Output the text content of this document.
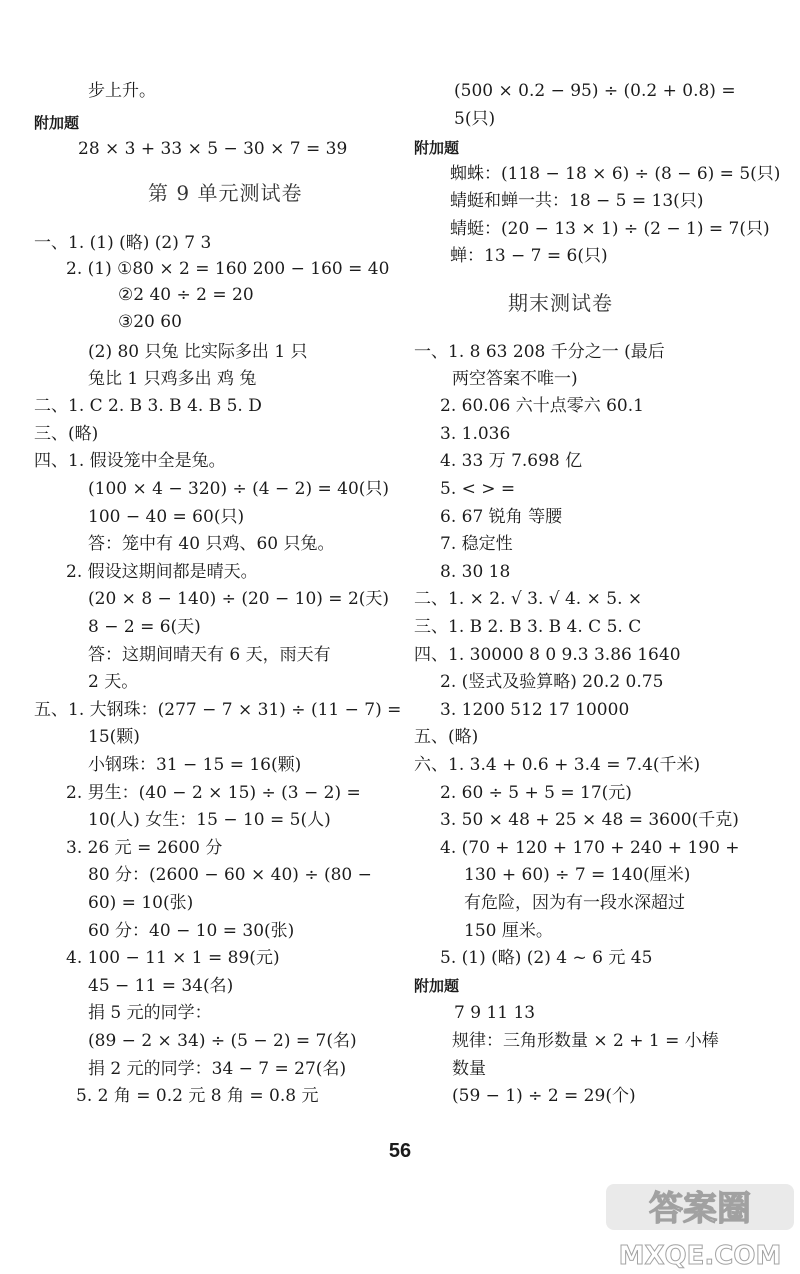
步上升。
附加题
28 × 3 + 33 × 5 − 30 × 7 = 39
第 9 单元测试卷
一、1. (1) (略) (2) 7 3
2. (1) ①80 × 2 = 160 200 − 160 = 40
②2 40 ÷ 2 = 20
③20 60
(2) 80 只兔 比实际多出 1 只
兔比 1 只鸡多出 鸡 兔
二、1. C 2. B 3. B 4. B 5. D
三、(略)
四、1. 假设笼中全是兔。
(100 × 4 − 320) ÷ (4 − 2) = 40(只)
100 − 40 = 60(只)
答：笼中有 40 只鸡、60 只兔。
2. 假设这期间都是晴天。
(20 × 8 − 140) ÷ (20 − 10) = 2(天)
8 − 2 = 6(天)
答：这期间晴天有 6 天，雨天有
2 天。
五、1. 大钢珠：(277 − 7 × 31) ÷ (11 − 7) =
15(颗)
小钢珠：31 − 15 = 16(颗)
2. 男生：(40 − 2 × 15) ÷ (3 − 2) =
10(人) 女生：15 − 10 = 5(人)
3. 26 元 = 2600 分
80 分：(2600 − 60 × 40) ÷ (80 −
60) = 10(张)
60 分：40 − 10 = 30(张)
4. 100 − 11 × 1 = 89(元)
45 − 11 = 34(名)
捐 5 元的同学：
(89 − 2 × 34) ÷ (5 − 2) = 7(名)
捐 2 元的同学：34 − 7 = 27(名)
5. 2 角 = 0.2 元 8 角 = 0.8 元
(500 × 0.2 − 95) ÷ (0.2 + 0.8) =
5(只)
附加题
蜘蛛：(118 − 18 × 6) ÷ (8 − 6) = 5(只)
蜻蜓和蝉一共：18 − 5 = 13(只)
蜻蜓：(20 − 13 × 1) ÷ (2 − 1) = 7(只)
蝉：13 − 7 = 6(只)
期末测试卷
一、1. 8 63 208 千分之一 (最后
两空答案不唯一)
2. 60.06 六十点零六 60.1
3. 1.036
4. 33 万 7.698 亿
5. < > =
6. 67 锐角 等腰
7. 稳定性
8. 30 18
二、1. × 2. √ 3. √ 4. × 5. ×
三、1. B 2. B 3. B 4. C 5. C
四、1. 30000 8 0 9.3 3.86 1640
2. (竖式及验算略) 20.2 0.75
3. 1200 512 17 10000
五、(略)
六、1. 3.4 + 0.6 + 3.4 = 7.4(千米)
2. 60 ÷ 5 + 5 = 17(元)
3. 50 × 48 + 25 × 48 = 3600(千克)
4. (70 + 120 + 170 + 240 + 190 +
130 + 60) ÷ 7 = 140(厘米)
有危险，因为有一段水深超过
150 厘米。
5. (1) (略) (2) 4 ~ 6 元 45
附加题
7 9 11 13
规律：三角形数量 × 2 + 1 = 小棒
数量
(59 − 1) ÷ 2 = 29(个)
56
答案圈
MXQE.COM
